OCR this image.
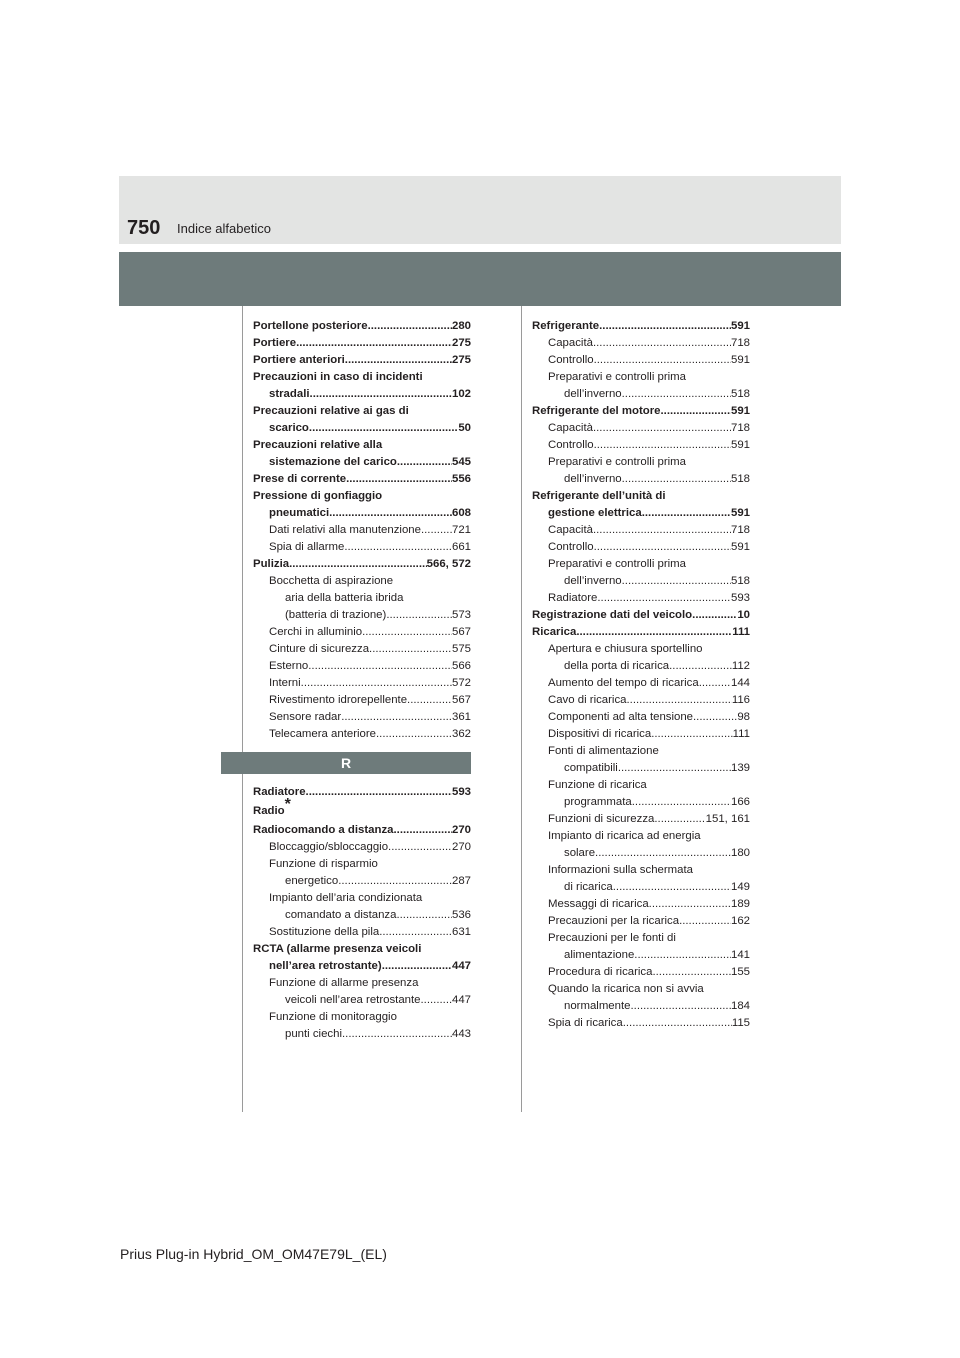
750 Indice alfabetico
Portellone posteriore .....	280
Portiere .....	275
Portiere anteriori .....	275
Precauzioni in caso di incidenti
stradali .....	102
Precauzioni relative ai gas di
scarico .....	50
Precauzioni relative alla
sistemazione del carico .....	545
Prese di corrente .....	556
Pressione di gonfiaggio
pneumatici .....	608
Dati relativi alla manutenzione .....	721
Spia di allarme .....	661
Pulizia .....	566, 572
Bocchetta di aspirazione
aria della batteria ibrida
(batteria di trazione) .....	573
Cerchi in alluminio .....	567
Cinture di sicurezza .....	575
Esterno .....	566
Interni .....	572
Rivestimento idrorepellente .....	567
Sensore radar .....	361
Telecamera anteriore .....	362
R
Radiatore .....	593
Radio*
Radiocomando a distanza .....	270
Bloccaggio/sbloccaggio .....	270
Funzione di risparmio
energetico .....	287
Impianto dell’aria condizionata
comandato a distanza .....	536
Sostituzione della pila .....	631
RCTA (allarme presenza veicoli
nell’area retrostante) .....	447
Funzione di allarme presenza
veicoli nell’area retrostante .....	447
Funzione di monitoraggio
punti ciechi .....	443
Refrigerante .....	591
Capacità .....	718
Controllo .....	591
Preparativi e controlli prima
dell’inverno .....	518
Refrigerante del motore .....	591
Capacità .....	718
Controllo .....	591
Preparativi e controlli prima
dell’inverno .....	518
Refrigerante dell’unità di
gestione elettrica .....	591
Capacità .....	718
Controllo .....	591
Preparativi e controlli prima
dell’inverno .....	518
Radiatore .....	593
Registrazione dati del veicolo .....	10
Ricarica .....	111
Apertura e chiusura sportellino
della porta di ricarica .....	112
Aumento del tempo di ricarica .....	144
Cavo di ricarica .....	116
Componenti ad alta tensione .....	98
Dispositivi di ricarica .....	111
Fonti di alimentazione
compatibili .....	139
Funzione di ricarica
programmata .....	166
Funzioni di sicurezza .....	151, 161
Impianto di ricarica ad energia
solare .....	180
Informazioni sulla schermata
di ricarica .....	149
Messaggi di ricarica .....	189
Precauzioni per la ricarica .....	162
Precauzioni per le fonti di
alimentazione .....	141
Procedura di ricarica .....	155
Quando la ricarica non si avvia
normalmente .....	184
Spia di ricarica .....	115
Prius Plug-in Hybrid_OM_OM47E79L_(EL)
